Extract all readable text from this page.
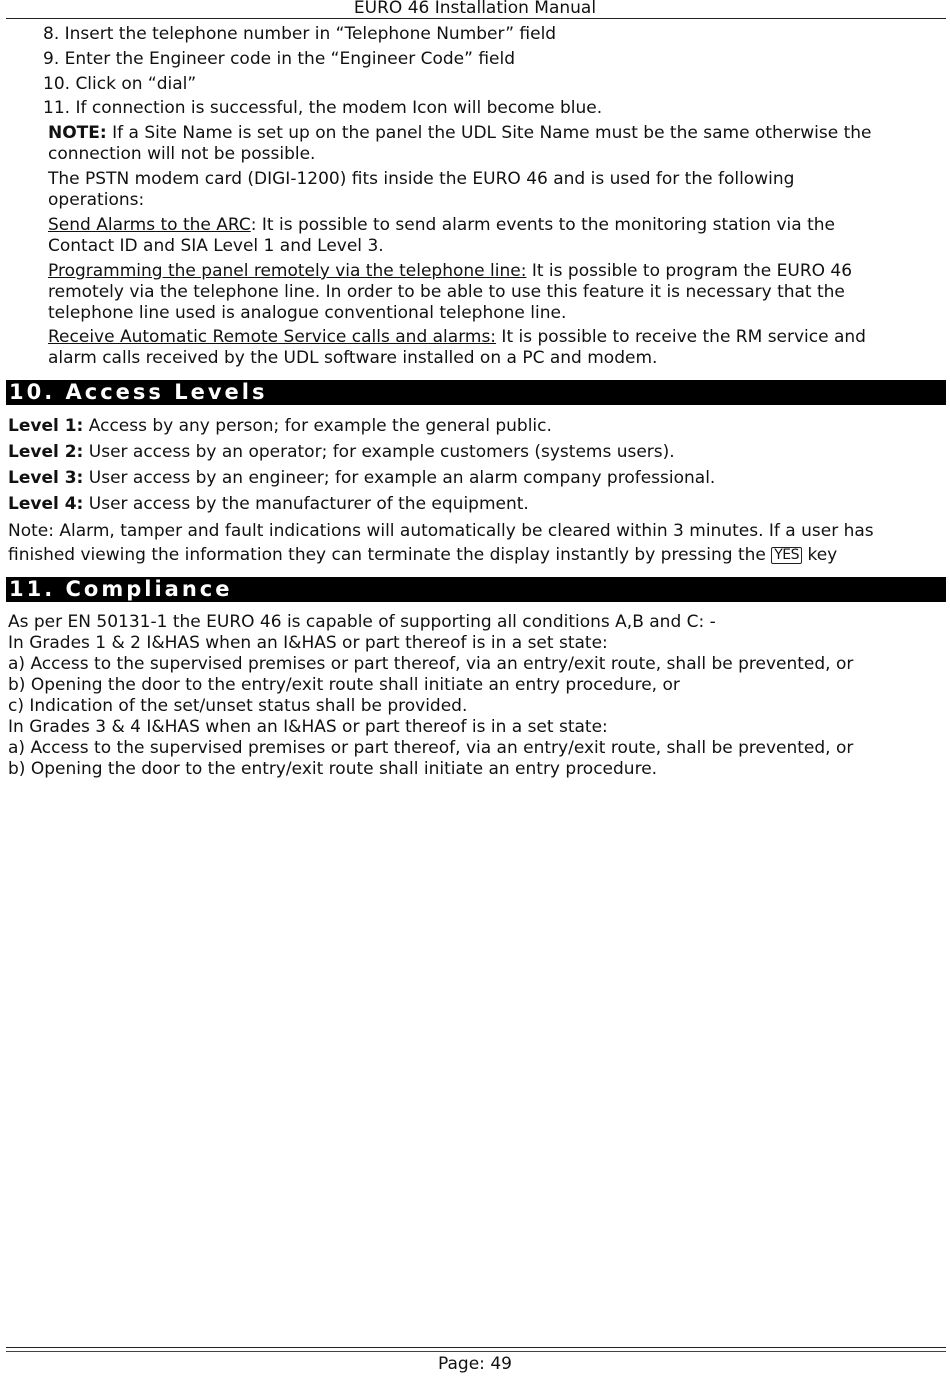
EURO 46 Installation Manual
8. Insert the telephone number in “Telephone Number” field
9. Enter the Engineer code in the “Engineer Code” field
10. Click on “dial”
11. If connection is successful, the modem Icon will become blue.
NOTE: If a Site Name is set up on the panel the UDL Site Name must be the same otherwise the
connection will not be possible.
The PSTN modem card (DIGI-1200) fits inside the EURO 46 and is used for the following
operations:
Send Alarms to the ARC: It is possible to send alarm events to the monitoring station via the
Contact ID and SIA Level 1 and Level 3.
Programming the panel remotely via the telephone line: It is possible to program the EURO 46
remotely via the telephone line. In order to be able to use this feature it is necessary that the
telephone line used is analogue conventional telephone line.
Receive Automatic Remote Service calls and alarms: It is possible to receive the RM service and
alarm calls received by the UDL software installed on a PC and modem.
10. Access Levels
Level 1: Access by any person; for example the general public.
Level 2: User access by an operator; for example customers (systems users).
Level 3: User access by an engineer; for example an alarm company professional.
Level 4: User access by the manufacturer of the equipment.
Note: Alarm, tamper and fault indications will automatically be cleared within 3 minutes. If a user has
finished viewing the information they can terminate the display instantly by pressing the YES key
11. Compliance
As per EN 50131-1 the EURO 46 is capable of supporting all conditions A,B and C: -
In Grades 1 & 2 I&HAS when an I&HAS or part thereof is in a set state:
a) Access to the supervised premises or part thereof, via an entry/exit route, shall be prevented, or
b) Opening the door to the entry/exit route shall initiate an entry procedure, or
c) Indication of the set/unset status shall be provided.
In Grades 3 & 4 I&HAS when an I&HAS or part thereof is in a set state:
a) Access to the supervised premises or part thereof, via an entry/exit route, shall be prevented, or
b) Opening the door to the entry/exit route shall initiate an entry procedure.
Page: 49
